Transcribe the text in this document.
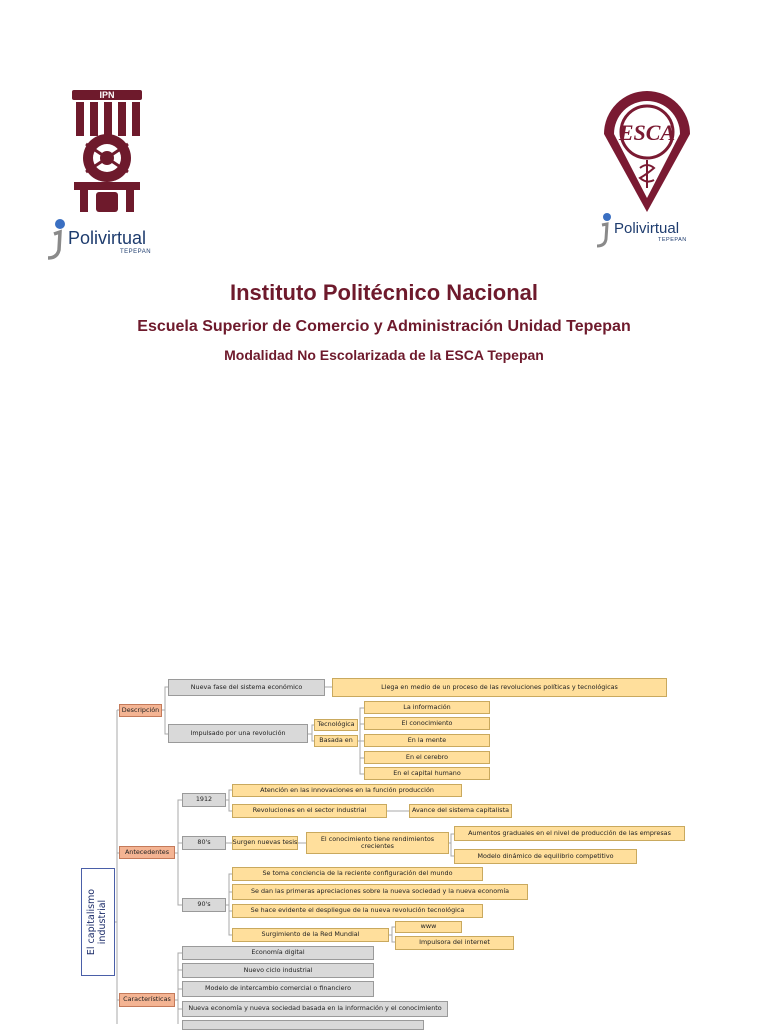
IPN
ESCA
Polivirtual
TEPEPAN
Polivirtual
TEPEPAN
Instituto Politécnico Nacional
Escuela Superior de Comercio y Administración Unidad Tepepan
Modalidad No Escolarizada de la ESCA Tepepan
El capitalismo industrial
Descripción
Nueva fase del sistema económico	Llega en medio de un proceso de las revoluciones políticas y tecnológicas
Impulsado por una revolución
Tecnológica
Basada en
La información
El conocimiento
En la mente
En el cerebro
En el capital humano
Antecedentes
1912
Atención en las innovaciones en la función producción
Revoluciones en el sector industrial	Avance del sistema capitalista
80's	Surgen nuevas tesis	El conocimiento tiene rendimientos crecientes
Aumentos graduales en el nivel de producción de las empresas
Modelo dinámico de equilibrio competitivo
90's
Se toma conciencia de la reciente configuración del mundo
Se dan las primeras apreciaciones sobre la nueva sociedad y la nueva economía
Se hace evidente el despliegue de la nueva revolución tecnológica
Surgimiento de la Red Mundial
www
Impulsora del internet
Características
Economía digital
Nuevo ciclo industrial
Modelo de intercambio comercial o financiero
Nueva economía y nueva sociedad basada en la información y el conocimiento
